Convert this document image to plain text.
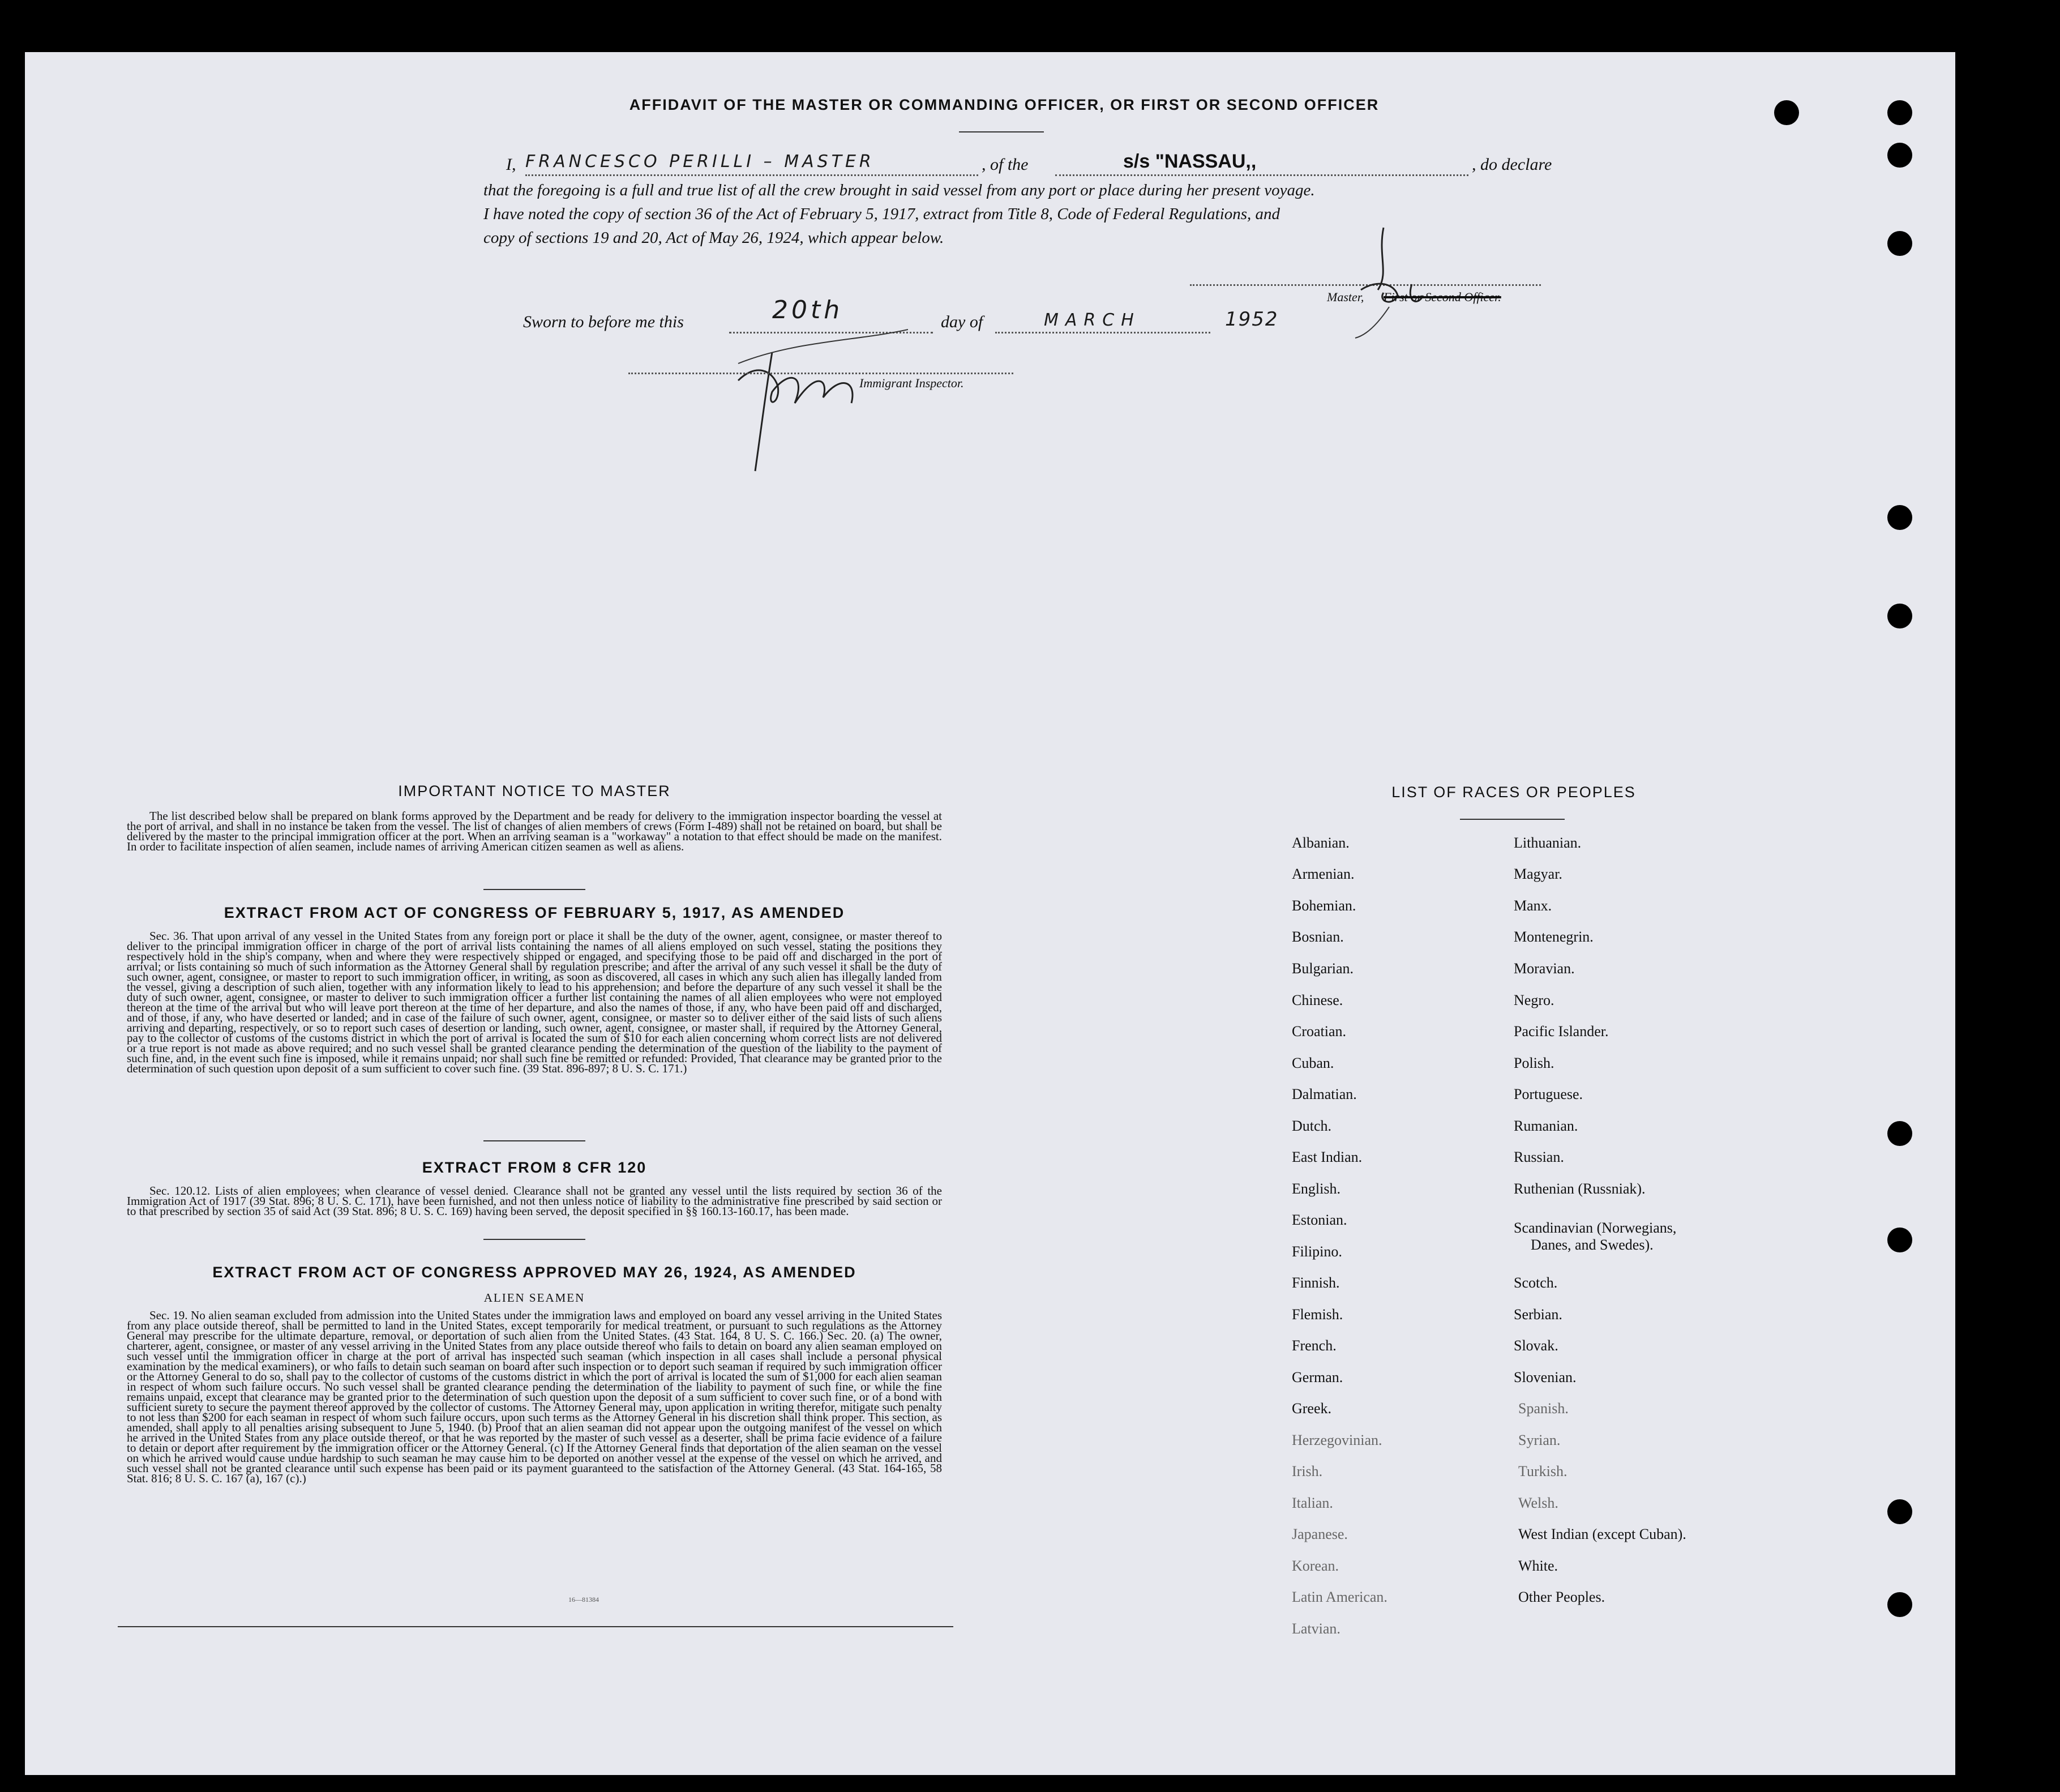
AFFIDAVIT OF THE MASTER OR COMMANDING OFFICER, OR FIRST OR SECOND OFFICER
I, FRANCESCO PERILLI – MASTER	, of the	s/s "NASSAU,,	, do declare
that the foregoing is a full and true list of all the crew brought in said vessel from any port or place during her present voyage.
I have noted the copy of section 36 of the Act of February 5, 1917, extract from Title 8, Code of Federal Regulations, and
copy of sections 19 and 20, Act of May 26, 1924, which appear below.
Master, First or Second Officer.
Sworn to before me this	20th	day of	MARCH	1952
Immigrant Inspector.
IMPORTANT NOTICE TO MASTER

The list described below shall be prepared on blank forms approved by the Department and be ready for delivery to the immigration inspector boarding the vessel at the port of arrival, and shall in no instance be taken from the vessel. The list of changes of alien members of crews (Form I-489) shall not be retained on board, but shall be delivered by the master to the principal immigration officer at the port. When an arriving seaman is a "workaway" a notation to that effect should be made on the manifest. In order to facilitate inspection of alien seamen, include names of arriving American citizen seamen as well as aliens.

EXTRACT FROM ACT OF CONGRESS OF FEBRUARY 5, 1917, AS AMENDED

Sec. 36. That upon arrival of any vessel in the United States from any foreign port or place it shall be the duty of the owner, agent, consignee, or master thereof to deliver to the principal immigration officer in charge of the port of arrival lists containing the names of all aliens employed on such vessel, stating the positions they respectively hold in the ship's company, when and where they were respectively shipped or engaged, and specifying those to be paid off and discharged in the port of arrival; or lists containing so much of such information as the Attorney General shall by regulation prescribe; and after the arrival of any such vessel it shall be the duty of such owner, agent, consignee, or master to report to such immigration officer, in writing, as soon as discovered, all cases in which any such alien has illegally landed from the vessel, giving a description of such alien, together with any information likely to lead to his apprehension; and before the departure of any such vessel it shall be the duty of such owner, agent, consignee, or master to deliver to such immigration officer a further list containing the names of all alien employees who were not employed thereon at the time of the arrival but who will leave port thereon at the time of her departure, and also the names of those, if any, who have been paid off and discharged, and of those, if any, who have deserted or landed; and in case of the failure of such owner, agent, consignee, or master so to deliver either of the said lists of such aliens arriving and departing, respectively, or so to report such cases of desertion or landing, such owner, agent, consignee, or master shall, if required by the Attorney General, pay to the collector of customs of the customs district in which the port of arrival is located the sum of $10 for each alien concerning whom correct lists are not delivered or a true report is not made as above required; and no such vessel shall be granted clearance pending the determination of the question of the liability to the payment of such fine, and, in the event such fine is imposed, while it remains unpaid; nor shall such fine be remitted or refunded: Provided, That clearance may be granted prior to the determination of such question upon deposit of a sum sufficient to cover such fine. (39 Stat. 896-897; 8 U. S. C. 171.)

EXTRACT FROM 8 CFR 120

Sec. 120.12. Lists of alien employees; when clearance of vessel denied. Clearance shall not be granted any vessel until the lists required by section 36 of the Immigration Act of 1917 (39 Stat. 896; 8 U. S. C. 171), have been furnished, and not then unless notice of liability to the administrative fine prescribed by said section or to that prescribed by section 35 of said Act (39 Stat. 896; 8 U. S. C. 169) having been served, the deposit specified in §§ 160.13-160.17, has been made.

EXTRACT FROM ACT OF CONGRESS APPROVED MAY 26, 1924, AS AMENDED
ALIEN SEAMEN

Sec. 19. No alien seaman excluded from admission into the United States under the immigration laws and employed on board any vessel arriving in the United States from any place outside thereof, shall be permitted to land in the United States, except temporarily for medical treatment, or pursuant to such regulations as the Attorney General may prescribe for the ultimate departure, removal, or deportation of such alien from the United States. (43 Stat. 164, 8 U. S. C. 166.) Sec. 20. (a) The owner, charterer, agent, consignee, or master of any vessel arriving in the United States from any place outside thereof who fails to detain on board any alien seaman employed on such vessel until the immigration officer in charge at the port of arrival has inspected such seaman (which inspection in all cases shall include a personal physical examination by the medical examiners), or who fails to detain such seaman on board after such inspection or to deport such seaman if required by such immigration officer or the Attorney General to do so, shall pay to the collector of customs of the customs district in which the port of arrival is located the sum of $1,000 for each alien seaman in respect of whom such failure occurs. No such vessel shall be granted clearance pending the determination of the liability to payment of such fine, or while the fine remains unpaid, except that clearance may be granted prior to the determination of such question upon the deposit of a sum sufficient to cover such fine, or of a bond with sufficient surety to secure the payment thereof approved by the collector of customs. The Attorney General may, upon application in writing therefor, mitigate such penalty to not less than $200 for each seaman in respect of whom such failure occurs, upon such terms as the Attorney General in his discretion shall think proper. This section, as amended, shall apply to all penalties arising subsequent to June 5, 1940. (b) Proof that an alien seaman did not appear upon the outgoing manifest of the vessel on which he arrived in the United States from any place outside thereof, or that he was reported by the master of such vessel as a deserter, shall be prima facie evidence of a failure to detain or deport after requirement by the immigration officer or the Attorney General. (c) If the Attorney General finds that deportation of the alien seaman on the vessel on which he arrived would cause undue hardship to such seaman he may cause him to be deported on another vessel at the expense of the vessel on which he arrived, and such vessel shall not be granted clearance until such expense has been paid or its payment guaranteed to the satisfaction of the Attorney General. (43 Stat. 164-165, 58 Stat. 816; 8 U. S. C. 167 (a), 167 (c).)

16—81384
LIST OF RACES OR PEOPLES
Albanian.
Armenian.
Bohemian.
Bosnian.
Bulgarian.
Chinese.
Croatian.
Cuban.
Dalmatian.
Dutch.
East Indian.
English.
Estonian.
Filipino.
Finnish.
Flemish.
French.
German.
Greek.
Herzegovinian.
Irish.
Italian.
Japanese.
Korean.
Latin American.
Latvian.
Lithuanian.
Magyar.
Manx.
Montenegrin.
Moravian.
Negro.
Pacific Islander.
Polish.
Portuguese.
Rumanian.
Russian.
Ruthenian (Russniak).
Scandinavian (Norwegians,
Danes, and Swedes).
Scotch.
Serbian.
Slovak.
Slovenian.
Spanish.
Syrian.
Turkish.
Welsh.
West Indian (except Cuban).
White.
Other Peoples.
